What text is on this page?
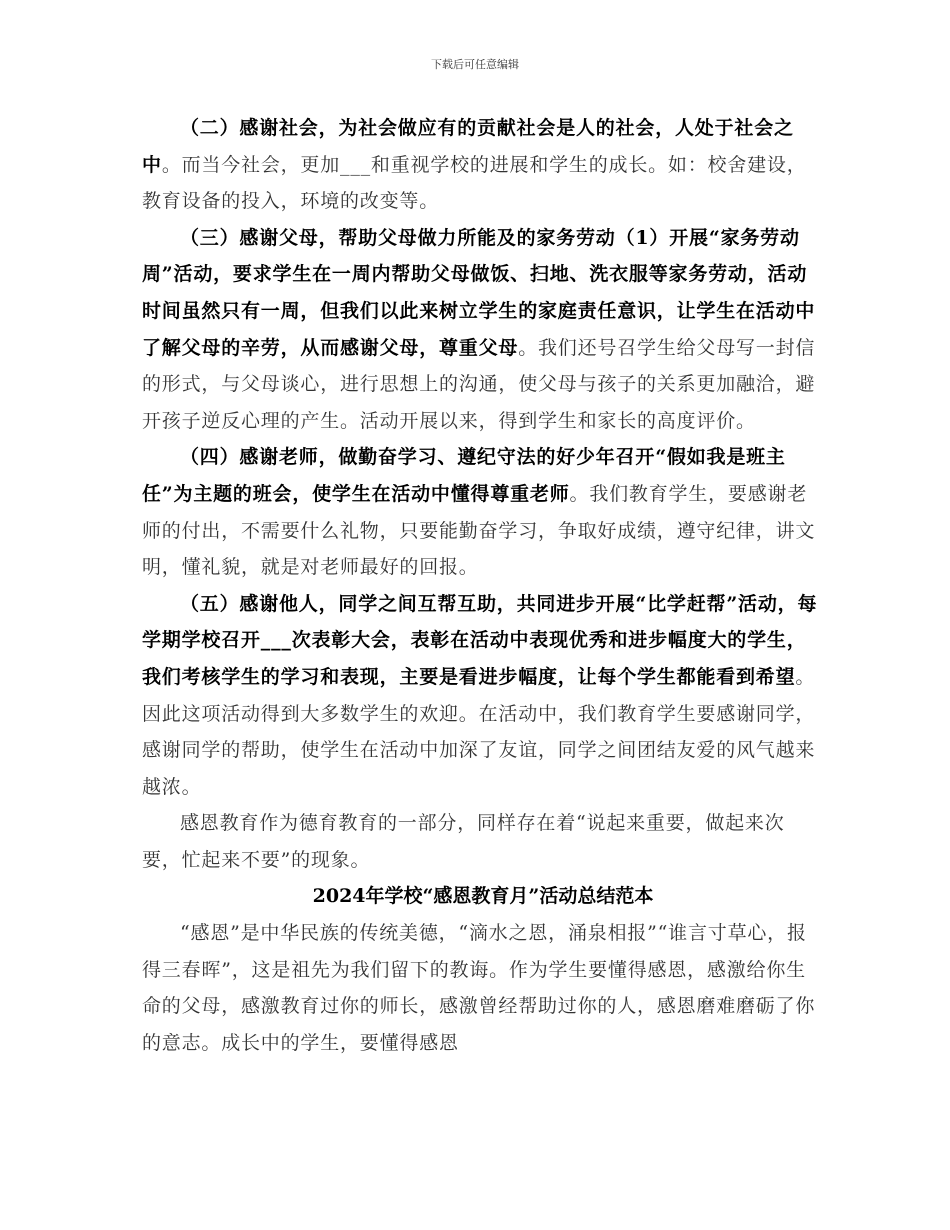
下载后可任意编辑

（二）感谢社会，为社会做应有的贡献社会是人的社会，人处于社会之中。而当今社会，更加___和重视学校的进展和学生的成长。如：校舍建设，教育设备的投入，环境的改变等。

（三）感谢父母，帮助父母做力所能及的家务劳动（1）开展“家务劳动周”活动，要求学生在一周内帮助父母做饭、扫地、洗衣服等家务劳动，活动时间虽然只有一周，但我们以此来树立学生的家庭责任意识，让学生在活动中了解父母的辛劳，从而感谢父母，尊重父母。我们还号召学生给父母写一封信的形式，与父母谈心，进行思想上的沟通，使父母与孩子的关系更加融洽，避开孩子逆反心理的产生。活动开展以来，得到学生和家长的高度评价。

（四）感谢老师，做勤奋学习、遵纪守法的好少年召开“假如我是班主任”为主题的班会，使学生在活动中懂得尊重老师。我们教育学生，要感谢老师的付出，不需要什么礼物，只要能勤奋学习，争取好成绩，遵守纪律，讲文明，懂礼貌，就是对老师最好的回报。

（五）感谢他人，同学之间互帮互助，共同进步开展“比学赶帮”活动，每学期学校召开___次表彰大会，表彰在活动中表现优秀和进步幅度大的学生，我们考核学生的学习和表现，主要是看进步幅度，让每个学生都能看到希望。因此这项活动得到大多数学生的欢迎。在活动中，我们教育学生要感谢同学，感谢同学的帮助，使学生在活动中加深了友谊，同学之间团结友爱的风气越来越浓。

感恩教育作为德育教育的一部分，同样存在着“说起来重要，做起来次要，忙起来不要”的现象。

2024年学校“感恩教育月”活动总结范本

“感恩”是中华民族的传统美德，“滴水之恩，涌泉相报”“谁言寸草心，报得三春晖”，这是祖先为我们留下的教诲。作为学生要懂得感恩，感激给你生命的父母，感激教育过你的师长，感激曾经帮助过你的人，感恩磨难磨砺了你的意志。成长中的学生，要懂得感恩
